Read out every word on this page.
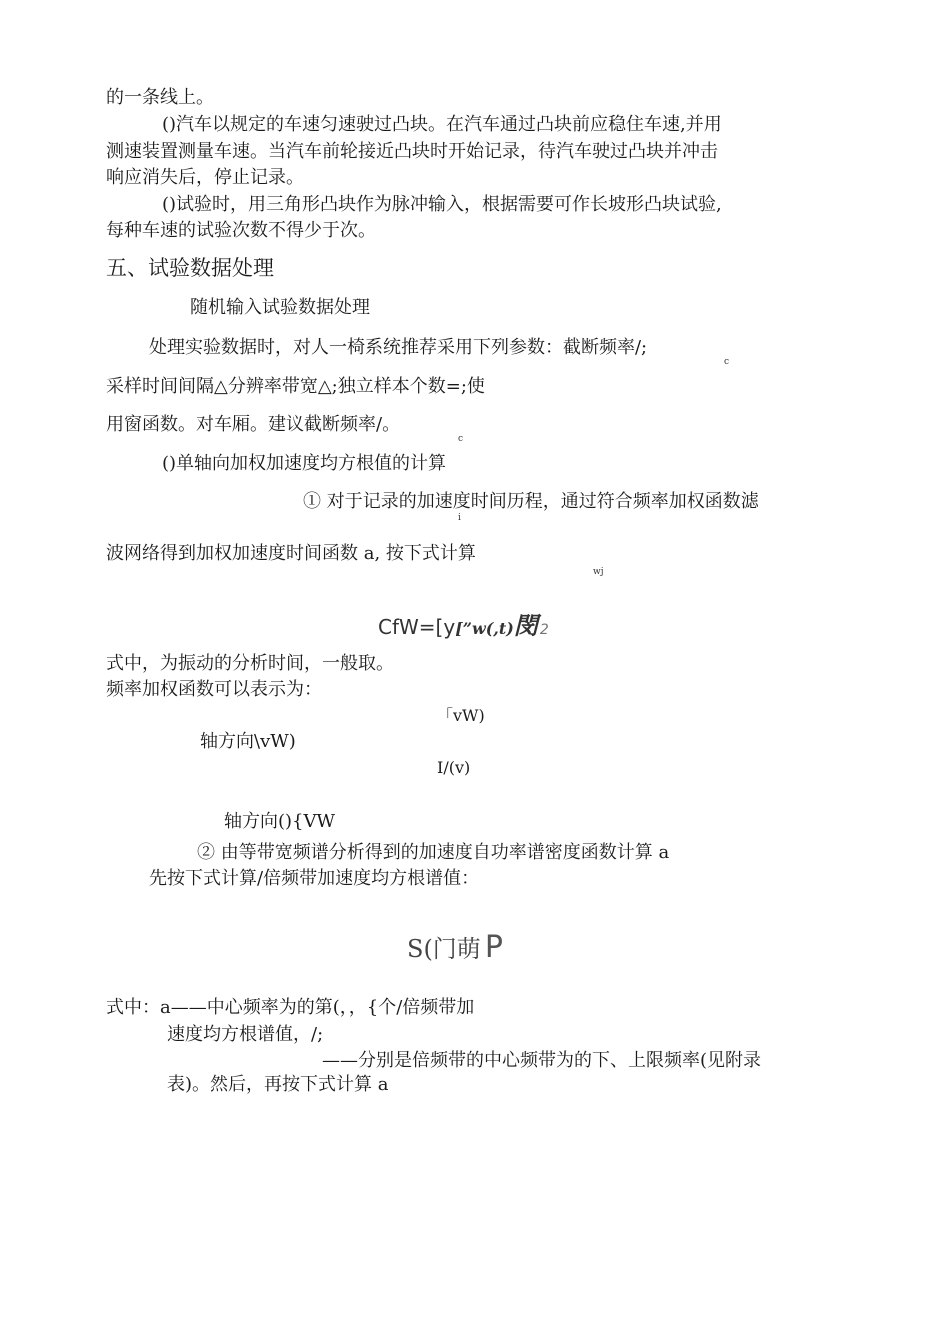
的一条线上。
()汽车以规定的车速匀速驶过凸块。在汽车通过凸块前应稳住车速,并用
测速装置测量车速。当汽车前轮接近凸块时开始记录，待汽车驶过凸块并冲击
响应消失后，停止记录。
()试验时，用三角形凸块作为脉冲输入，根据需要可作长坡形凸块试验,
每种车速的试验次数不得少于次。
五、试验数据处理
随机输入试验数据处理
处理实验数据时，对人一椅系统推荐采用下列参数：截断频率/;
c
采样时间间隔△分辨率带宽△;独立样本个数=;使
用窗函数。对车厢。建议截断频率/。
c
()单轴向加权加速度均方根值的计算
① 对于记录的加速度时间历程，通过符合频率加权函数滤
i
波网络得到加权加速度时间函数 a, 按下式计算
wj
CfW=[y[”w(,t)閔 2
式中，为振动的分析时间，一般取。
频率加权函数可以表示为：
「vW)
轴方向\vW)
I/(v)
轴方向(){VW
② 由等带宽频谱分析得到的加速度自功率谱密度函数计算 a
先按下式计算/倍频带加速度均方根谱值：
S(门萌 P
式中：a——中心频率为的第(，，{个/倍频带加
速度均方根谱值，/;
——分别是倍频带的中心频带为的下、上限频率(见附录
表)。然后，再按下式计算 a
